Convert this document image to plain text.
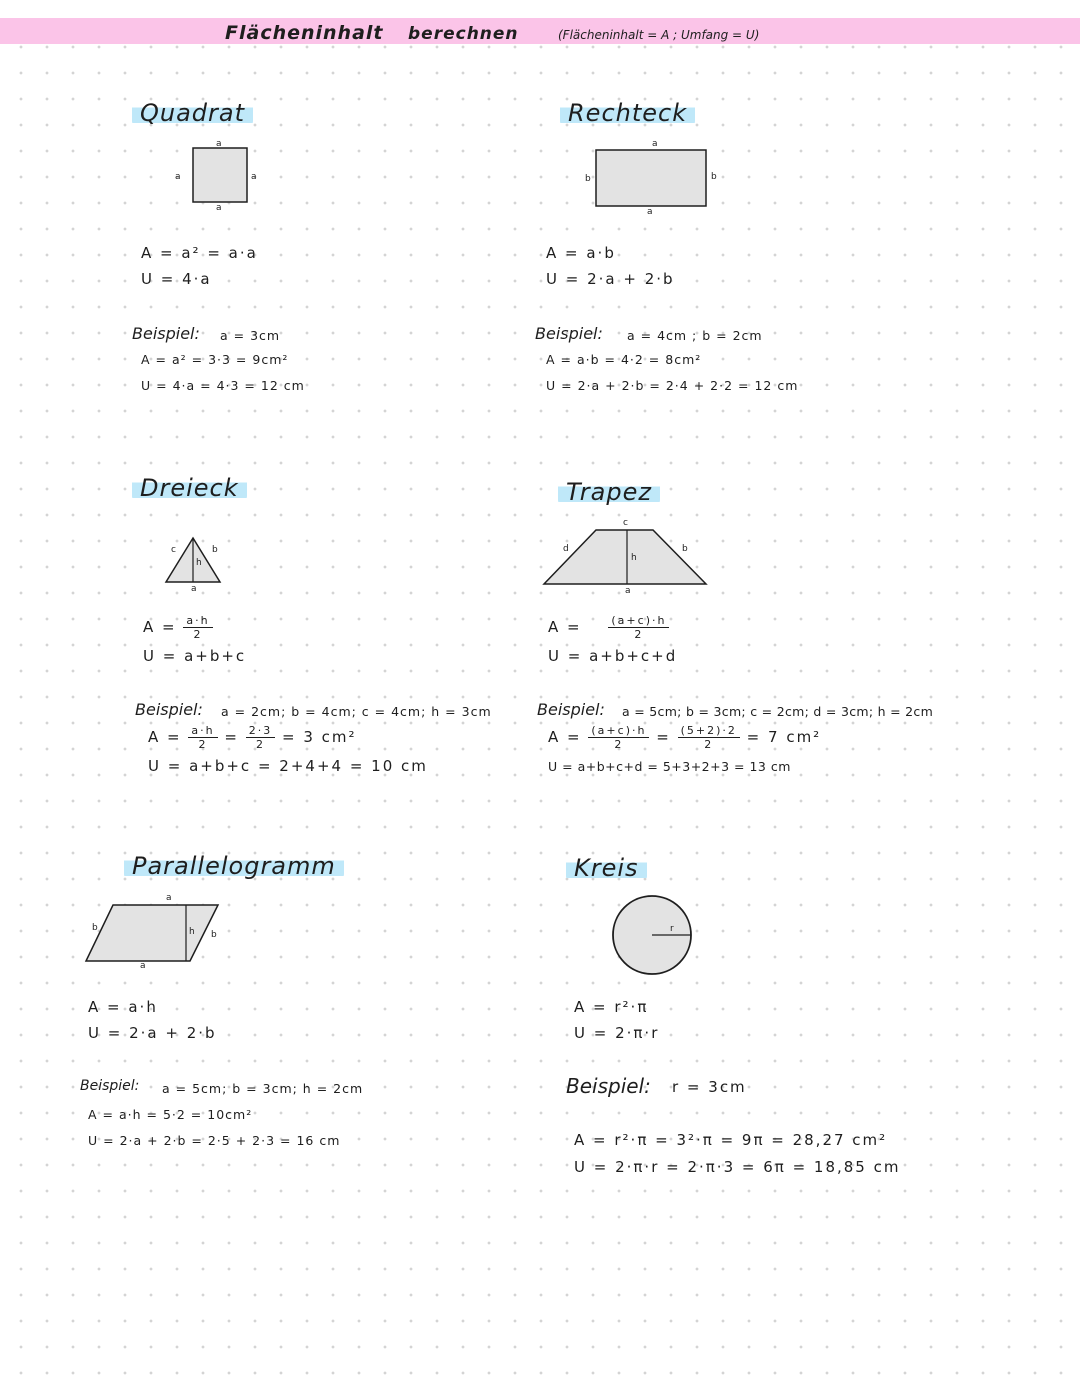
Flächeninhalt berechnen	(Flächeninhalt = A ; Umfang = U)
Quadrat
a
a	a
a
A = a² = a·a
U = 4·a
Beispiel: a = 3cm
A = a² = 3·3 = 9cm²
U = 4·a = 4·3 = 12 cm
Rechteck
a
b	b
a
A = a·b
U = 2·a + 2·b
Beispiel: a = 4cm ; b = 2cm
A = a·b = 4·2 = 8cm²
U = 2·a + 2·b = 2·4 + 2·2 = 12 cm
Dreieck
c	b
h
a
$A = \frac{a\cdot h}{2}$
U = a+b+c
Beispiel: a = 2cm; b = 4cm; c = 4cm; h = 3cm
$A = \frac{a\cdot h}{2} = \frac{2\cdot 3}{2} = 3$ cm²
U = a+b+c = 2+4+4 = 10 cm
Trapez
c
d
h
b
a
$A = \frac{(a+c)\cdot h}{2}$
U = a+b+c+d
Beispiel: a = 5cm; b = 3cm; c = 2cm; d = 3cm; h = 2cm
$A = \frac{(a+c)\cdot h}{2} = \frac{(5+2)\cdot 2}{2} = 7$ cm²
U = a+b+c+d = 5+3+2+3 = 13 cm
Parallelogramm
a
b	h b
a
A = a·h
U = 2·a + 2·b
Beispiel: a = 5cm; b = 3cm; h = 2cm
A = a·h = 5·2 = 10cm²
U = 2·a + 2·b = 2·5 + 2·3 = 16 cm
Kreis
r
A = r²·π
U = 2·π·r
Beispiel: r = 3cm
A = r²·π = 3²·π = 9π = 28,27 cm²
U = 2·π·r = 2·π·3 = 6π = 18,85 cm
